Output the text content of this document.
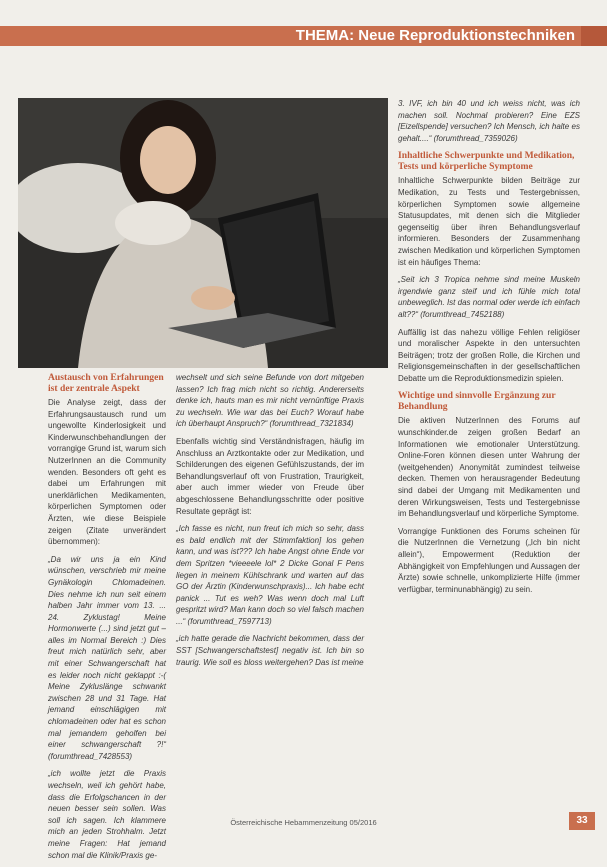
THEMA: Neue Reproduktionstechniken
Austausch von Erfahrungen ist der zentrale Aspekt
Die Analyse zeigt, dass der Erfahrungsaustausch rund um ungewollte Kinderlosigkeit und Kinderwunschbehandlungen der vorrangige Grund ist, warum sich NutzerInnen an die Community wenden. Besonders oft geht es dabei um Erfahrungen mit unerklärlichen Medikamenten, körperlichen Symptomen oder Ärzten, wie diese Beispiele zeigen (Zitate unverändert übernommen):
„Da wir uns ja ein Kind wünschen, verschrieb mir meine Gynäkologin Chlomadeinen. Dies nehme ich nun seit einem halben Jahr immer vom 13. ... 24. Zyklustag! Meine Hormonwerte (...) sind jetzt gut – alles im Normal Bereich :) Dies freut mich natürlich sehr, aber mit einer Schwangerschaft hat es leider noch nicht geklappt :-( Meine Zykluslänge schwankt zwischen 28 und 31 Tage. Hat jemand einschlägigen mit chlomadeinen oder hat es schon mal jemandem geholfen bei einer schwangerschaft ?!“ (forumthread_7428553)
„ich wollte jetzt die Praxis wechseln, weil ich gehört habe, dass die Erfolgschancen in der neuen besser sein sollen. Was soll ich sagen. Ich klammere mich an jeden Strohhalm. Jetzt meine Fragen: Hat jemand schon mal die Klinik/Praxis ge-
wechselt und sich seine Befunde von dort mitgeben lassen? Ich frag mich nicht so richtig. Andererseits denke ich, hauts man es mir nicht vernünftige Praxis zu wechseln. Wie war das bei Euch? Worauf habe ich überhaupt Anspruch?“ (forumthread_7321834)
Ebenfalls wichtig sind Verständnisfragen, häufig im Anschluss an Arztkontakte oder zur Medikation, und Schilderungen des eigenen Gefühlszustands, der im Behandlungsverlauf oft von Frustration, Traurigkeit, aber auch immer wieder von Freude über abgeschlossene Behandlungsschritte oder positive Resultate geprägt ist:
„Ich fasse es nicht, nun freut ich mich so sehr, dass es bald endlich mit der Stimmfaktion] los gehen kann, und was ist??? Ich habe Angst ohne Ende vor dem Spritzen *vieeeele lol* 2 Dicke Gonal F Pens liegen in meinem Kühlschrank und warten auf das GO der Ärztin (Kinderwunschpraxis)... Ich habe echt panick ... Tut es weh? Was wenn doch mal Luft gespritzt wird? Man kann doch so viel falsch machen ...“ (forumthread_7597713)
„ich hatte gerade die Nachricht bekommen, dass der SST [Schwangerschaftstest] negativ ist. Ich bin so traurig. Wie soll es bloss weitergehen? Das ist meine
3. IVF, ich bin 40 und ich weiss nicht, was ich machen soll. Nochmal probieren? Eine EZS [Eizellspende] versuchen? Ich Mensch, ich halte es gehalt....“ (forumthread_7359026)
Inhaltliche Schwerpunkte und Medikation, Tests und körperliche Symptome
Inhaltliche Schwerpunkte bilden Beiträge zur Medikation, zu Tests und Testergebnissen, körperlichen Symptomen sowie allgemeine Statusupdates, mit denen sich die Mitglieder gegenseitig über ihren Behandlungsverlauf informieren. Besonders der Zusammenhang zwischen Medikation und körperlichen Symptomen ist ein häufiges Thema:
„Seit ich 3 Tropica nehme sind meine Muskeln irgendwie ganz steif und ich fühle mich total unbeweglich. Ist das normal oder werde ich einfach alt??“ (forumthread_7452188)
Auffällig ist das nahezu völlige Fehlen religiöser und moralischer Aspekte in den untersuchten Beiträgen; trotz der großen Rolle, die Kirchen und Religionsgemeinschaften in der gesellschaftlichen Debatte um die Reproduktionsmedizin spielen.
Wichtige und sinnvolle Ergänzung zur Behandlung
Die aktiven NutzerInnen des Forums auf wunschkinder.de zeigen großen Bedarf an Informationen wie emotionaler Unterstützung. Online-Foren können diesen unter Wahrung der (weitgehenden) Anonymität zumindest teilweise decken. Themen von herausragender Bedeutung sind dabei der Umgang mit Medikamenten und deren Wirkungsweisen, Tests und Testergebnisse im Behandlungsverlauf und körperliche Symptome.
Vorrangige Funktionen des Forums scheinen für die NutzerInnen die Vernetzung („Ich bin nicht allein“), Empowerment (Reduktion der Abhängigkeit von Empfehlungen und Aussagen der Ärzte) sowie schnelle, unkomplizierte Hilfe (immer verfügbar, terminunabhängig) zu sein.
Österreichische Hebammenzeitung 05/2016	33
